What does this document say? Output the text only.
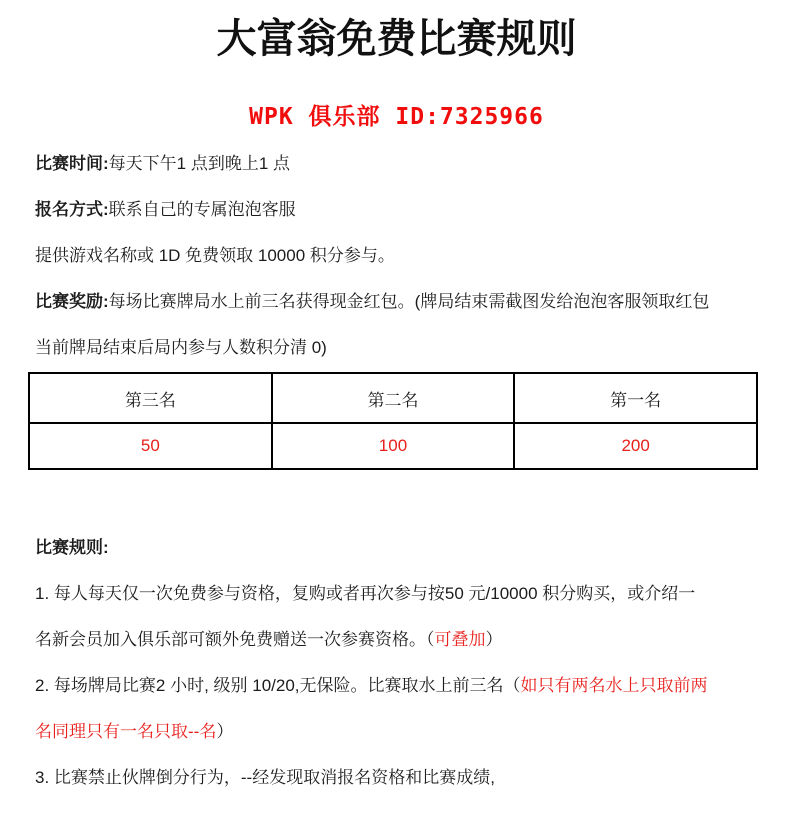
大富翁免费比赛规则
WPK 俱乐部 ID:7325966

比赛时间:每天下午1 点到晚上1 点

报名方式:联系自己的专属泡泡客服

提供游戏名称或 1D 免费领取 10000 积分参与。

比赛奖励:每场比赛牌局水上前三名获得现金红包。(牌局结束需截图发给泡泡客服领取红包

当前牌局结束后局内参与人数积分清 0)

第三名	第二名	第一名
50	100	200

比赛规则:

1. 每人每天仅一次免费参与资格，复购或者再次参与按50 元/10000 积分购买，或介绍一

名新会员加入俱乐部可额外免费赠送一次参赛资格。（可叠加）

2. 每场牌局比赛2 小时, 级别 10/20,无保险。比赛取水上前三名（如只有两名水上只取前两

名同理只有一名只取--名）

3. 比赛禁止伙牌倒分行为，--经发现取消报名资格和比赛成绩,
